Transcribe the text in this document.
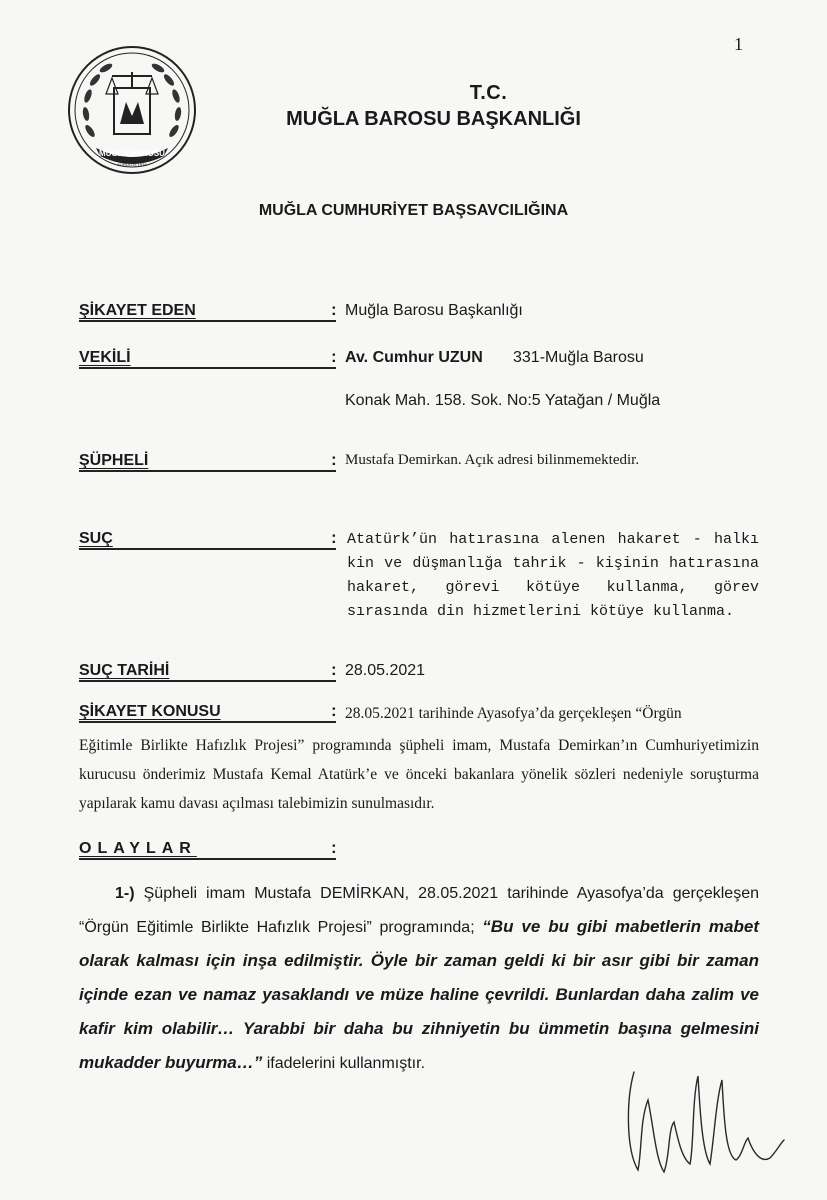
1
MUĞLA BAROSU
KURULUŞ 1931
T.C.
MUĞLA BAROSU BAŞKANLIĞI
MUĞLA CUMHURİYET BAŞSAVCILIĞINA
ŞİKAYET EDEN	: Muğla Barosu Başkanlığı
VEKİLİ	: Av. Cumhur UZUN 331-Muğla Barosu
Konak Mah. 158. Sok. No:5 Yatağan / Muğla
ŞÜPHELİ	: Mustafa Demirkan. Açık adresi bilinmemektedir.
SUÇ	: Atatürk’ün hatırasına alenen hakaret - halkı kin ve düşmanlığa tahrik - kişinin hatırasına hakaret, görevi kötüye kullanma, görev sırasında din hizmetlerini kötüye kullanma.
SUÇ TARİHİ	: 28.05.2021
ŞİKAYET KONUSU	: 28.05.2021 tarihinde Ayasofya’da gerçekleşen “Örgün
Eğitimle Birlikte Hafızlık Projesi” programında şüpheli imam, Mustafa Demirkan’ın Cumhuriyetimizin kurucusu önderimiz Mustafa Kemal Atatürk’e ve önceki bakanlara yönelik sözleri nedeniyle soruşturma yapılarak kamu davası açılması talebimizin sunulmasıdır.
OLAYLAR	:
1-) Şüpheli imam Mustafa DEMİRKAN, 28.05.2021 tarihinde Ayasofya’da gerçekleşen “Örgün Eğitimle Birlikte Hafızlık Projesi” programında; “Bu ve bu gibi mabetlerin mabet olarak kalması için inşa edilmiştir. Öyle bir zaman geldi ki bir asır gibi bir zaman içinde ezan ve namaz yasaklandı ve müze haline çevrildi. Bunlardan daha zalim ve kafir kim olabilir… Yarabbi bir daha bu zihniyetin bu ümmetin başına gelmesini mukadder buyurma…” ifadelerini kullanmıştır.
